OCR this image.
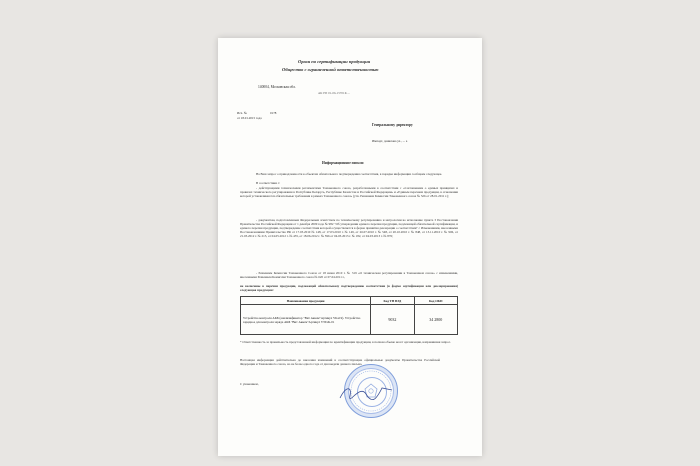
Орган по сертификации продукции
Общество с ограниченной ответственностью
140004, Московская обл.
АК РП 01-06-15701К ...
Исх. №	0178
от 18.01.2015 года
Генеральному директору
Импорт, данилова ул., ... а
Информационное письмо
На Ваш запрос о принадлежности к объектам обязательного подтверждения соответствия, в порядке информации сообщаем следующее.
В соответствии с:
- действующими техническими регламентами Таможенного союза, разработанными в соответствии с «Соглашением о единых принципах и правилах технического регулирования в Республике Беларусь, Республике Казахстан и Российской Федерации» и «Единым перечнем продукции, в отношении которой устанавливаются обязательные требования в рамках Таможенного союза» (утв. Решением Комиссии Таможенного союза № 526 от 28.01.2011 г.);
- документом, подготовленным Федеральным агентством по техническому регулированию и метрологии во исполнение пункта 3 Постановления Правительства Российской Федерации от 1 декабря 2009 года № 982 "Об утверждении единого перечня продукции, подлежащей обязательной сертификации, и единого перечня продукции, подтверждение соответствия которой осуществляется в форме принятия декларации о соответствии" с Изменениями, внесенными Постановлениями Правительства РФ от 17.03.2010 № 148, от 17.03.2010 г. № 149, от 26.07.2010 г. № 548, от 20.10.2010 г. № 848, от 13.11.2010 г. № 906, от 21.03.2012 г. № 213, от 04.05.2012 г. № 435, от 18.06.2012 г. № 596 от 04.03.2013 г. № 182, от 04.03.2013 г. № 876;
- Решением Комиссии Таможенного Союза от 18 июня 2010 г. № 319 «О техническом регулировании в Таможенном союзе» с изменениями, внесенными Решением Комиссии Таможенного союза № 620 от 07.04.2011 г.,
не включены в перечни продукции, подлежащей обязательному подтверждению соответствия (в форме сертификации или декларирования) следующая продукция:
Наименование продукции	Код ТН ВЭД	Код ОКП
Устройство контроля АКБ (анализификатор "Вит Акком"Артикул VKa19). Устройство зарядное для контроля заряда АКБ "Вит Акком"Артикул УЗТаК-01	9032	34 2800
* Ответственность за правильность представленной информации по идентификации продукции, в полном объеме несет организация, направившая запрос.
Настоящая информация действительна до внесения изменений в соответствующие официальные документы Правительства Российской Федерации и Таможенного союза, но не более одного года от дня выдачи данного письма.
С уважением,
